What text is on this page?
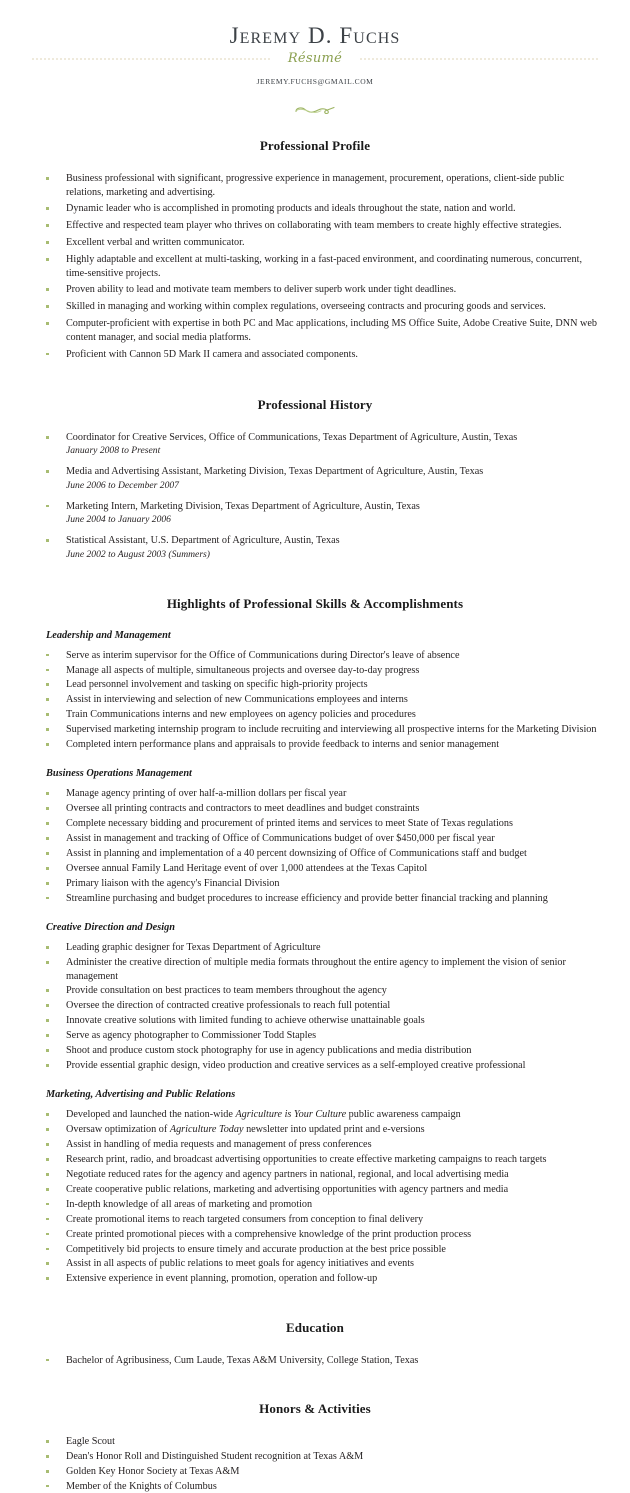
Jeremy D. Fuchs
Résumé
JEREMY.FUCHS@GMAIL.COM
Professional Profile
Business professional with significant, progressive experience in management, procurement, operations, client-side public relations, marketing and advertising.
Dynamic leader who is accomplished in promoting products and ideals throughout the state, nation and world.
Effective and respected team player who thrives on collaborating with team members to create highly effective strategies.
Excellent verbal and written communicator.
Highly adaptable and excellent at multi-tasking, working in a fast-paced environment, and coordinating numerous, concurrent, time-sensitive projects.
Proven ability to lead and motivate team members to deliver superb work under tight deadlines.
Skilled in managing and working within complex regulations, overseeing contracts and procuring goods and services.
Computer-proficient with expertise in both PC and Mac applications, including MS Office Suite, Adobe Creative Suite, DNN web content manager, and social media platforms.
Proficient with Cannon 5D Mark II camera and associated components.
Professional History
Coordinator for Creative Services, Office of Communications, Texas Department of Agriculture, Austin, Texas
January 2008 to Present
Media and Advertising Assistant, Marketing Division, Texas Department of Agriculture, Austin, Texas
June 2006 to December 2007
Marketing Intern, Marketing Division, Texas Department of Agriculture, Austin, Texas
June 2004 to January 2006
Statistical Assistant, U.S. Department of Agriculture, Austin, Texas
June 2002 to August 2003 (Summers)
Highlights of Professional Skills & Accomplishments
Leadership and Management
Serve as interim supervisor for the Office of Communications during Director's leave of absence
Manage all aspects of multiple, simultaneous projects and oversee day-to-day progress
Lead personnel involvement and tasking on specific high-priority projects
Assist in interviewing and selection of new Communications employees and interns
Train Communications interns and new employees on agency policies and procedures
Supervised marketing internship program to include recruiting and interviewing all prospective interns for the Marketing Division
Completed intern performance plans and appraisals to provide feedback to interns and senior management
Business Operations Management
Manage agency printing of over half-a-million dollars per fiscal year
Oversee all printing contracts and contractors to meet deadlines and budget constraints
Complete necessary bidding and procurement of printed items and services to meet State of Texas regulations
Assist in management and tracking of Office of Communications budget of over $450,000 per fiscal year
Assist in planning and implementation of a 40 percent downsizing of Office of Communications staff and budget
Oversee annual Family Land Heritage event of over 1,000 attendees at the Texas Capitol
Primary liaison with the agency's Financial Division
Streamline purchasing and budget procedures to increase efficiency and provide better financial tracking and planning
Creative Direction and Design
Leading graphic designer for Texas Department of Agriculture
Administer the creative direction of multiple media formats throughout the entire agency to implement the vision of senior management
Provide consultation on best practices to team members throughout the agency
Oversee the direction of contracted creative professionals to reach full potential
Innovate creative solutions with limited funding to achieve otherwise unattainable goals
Serve as agency photographer to Commissioner Todd Staples
Shoot and produce custom stock photography for use in agency publications and media distribution
Provide essential graphic design, video production and creative services as a self-employed creative professional
Marketing, Advertising and Public Relations
Developed and launched the nation-wide Agriculture is Your Culture public awareness campaign
Oversaw optimization of Agriculture Today newsletter into updated print and e-versions
Assist in handling of media requests and management of press conferences
Research print, radio, and broadcast advertising opportunities to create effective marketing campaigns to reach targets
Negotiate reduced rates for the agency and agency partners in national, regional, and local advertising media
Create cooperative public relations, marketing and advertising opportunities with agency partners and media
In-depth knowledge of all areas of marketing and promotion
Create promotional items to reach targeted consumers from conception to final delivery
Create printed promotional pieces with a comprehensive knowledge of the print production process
Competitively bid projects to ensure timely and accurate production at the best price possible
Assist in all aspects of public relations to meet goals for agency initiatives and events
Extensive experience in event planning, promotion, operation and follow-up
Education
Bachelor of Agribusiness, Cum Laude, Texas A&M University, College Station, Texas
Honors & Activities
Eagle Scout
Dean's Honor Roll and Distinguished Student recognition at Texas A&M
Golden Key Honor Society at Texas A&M
Member of the Knights of Columbus
